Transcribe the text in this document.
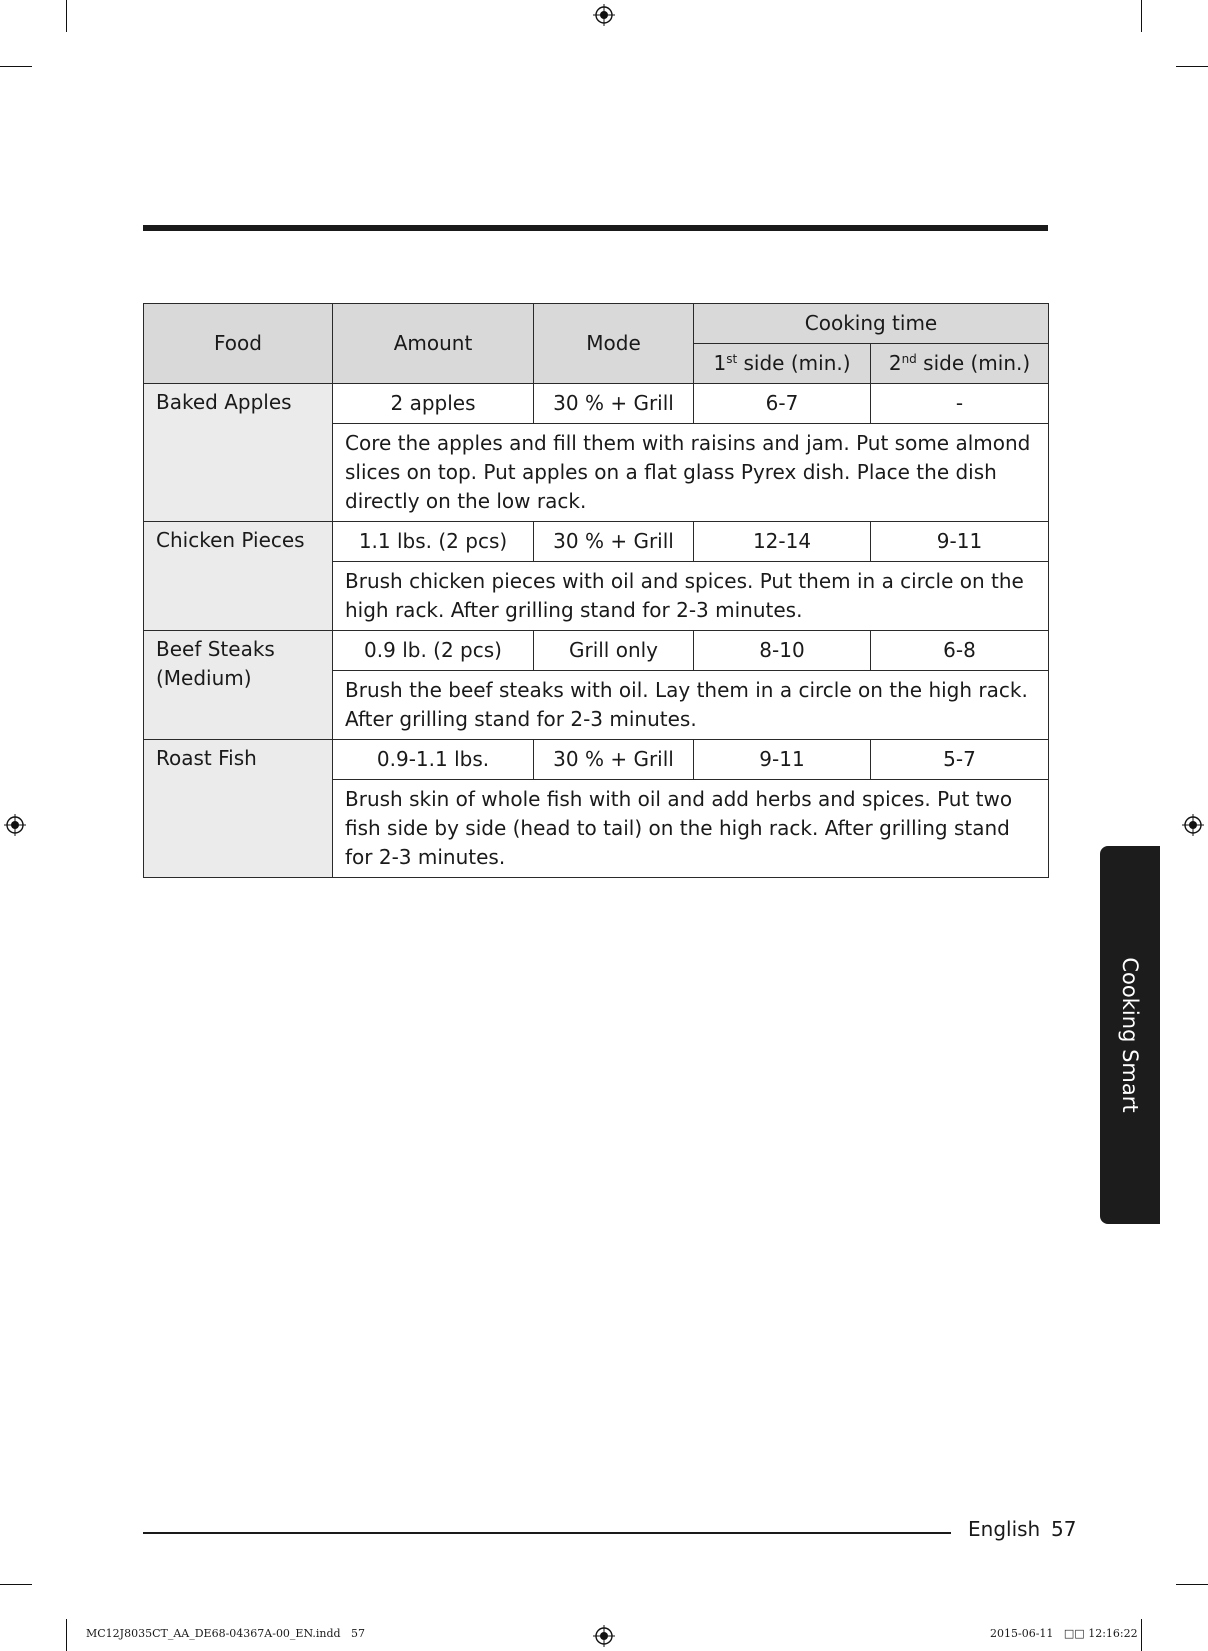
Food	Amount	Mode	Cooking time	
			1st side (min.)	2nd side (min.)
Baked Apples	2 apples	30 % + Grill	6-7	-
	Core the apples and fill them with raisins and jam. Put some almond slices on top. Put apples on a flat glass Pyrex dish. Place the dish directly on the low rack.			
Chicken Pieces	1.1 lbs. (2 pcs)	30 % + Grill	12-14	9-11
	Brush chicken pieces with oil and spices. Put them in a circle on the high rack. After grilling stand for 2-3 minutes.			
Beef Steaks (Medium)	0.9 lb. (2 pcs)	Grill only	8-10	6-8
	Brush the beef steaks with oil. Lay them in a circle on the high rack. After grilling stand for 2-3 minutes.			
Roast Fish	0.9-1.1 lbs.	30 % + Grill	9-11	5-7
	Brush skin of whole fish with oil and add herbs and spices. Put two fish side by side (head to tail) on the high rack. After grilling stand for 2-3 minutes.			
Cooking Smart
English 57
MC12J8035CT_AA_DE68-04367A-00_EN.indd   57	2015-06-11   □□ 12:16:22
